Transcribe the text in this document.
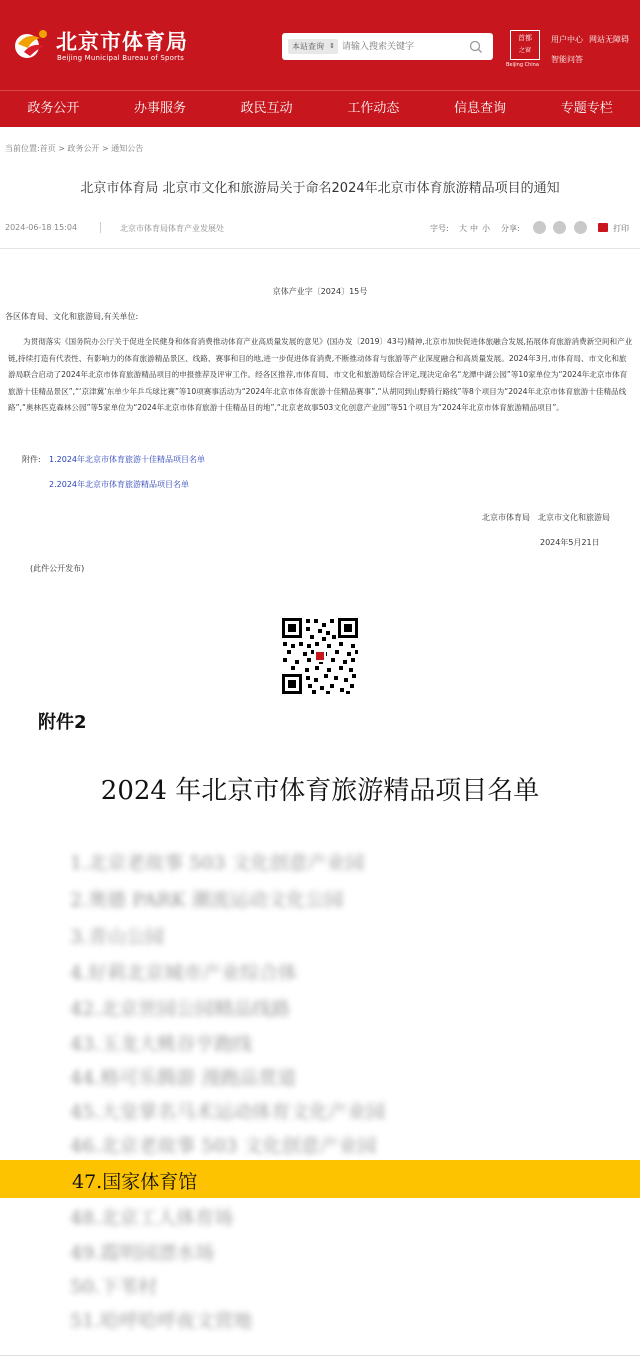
北京市体育局
Beijing Municipal Bureau of Sports
本站查询 ⇕
请输入搜索关键字
首都
之窗
Beijing China
用户中心 网站无障碍
智能问答
政务公开	办事服务	政民互动	工作动态	信息查询	专题专栏
当前位置:首页 > 政务公开 > 通知公告
北京市体育局 北京市文化和旅游局关于命名2024年北京市体育旅游精品项目的通知
2024-06-18 15:04	北京市体育局体育产业发展处	字号: 大 中 小 分享:	打印
京体产业字〔2024〕15号
各区体育局、文化和旅游局,有关单位:
为贯彻落实《国务院办公厅关于促进全民健身和体育消费推动体育产业高质量发展的意见》(国办发〔2019〕43号)精神,北京市加快促进体旅融合发展,拓展体育旅游消费新空间和产业链,持续打造有代表性、有影响力的体育旅游精品景区、线路、赛事和目的地,进一步促进体育消费,不断推动体育与旅游等产业深度融合和高质量发展。2024年3月,市体育局、市文化和旅游局联合启动了2024年北京市体育旅游精品项目的申报推荐及评审工作。经各区推荐,市体育局、市文化和旅游局综合评定,现决定命名“龙潭中湖公园”等10家单位为“2024年北京市体育旅游十佳精品景区”,“‘京津冀’东单少年乒乓球比赛”等10项赛事活动为“2024年北京市体育旅游十佳精品赛事”,“从胡同到山野骑行路线”等8个项目为“2024年北京市体育旅游十佳精品线路”,“奥林匹克森林公园”等5家单位为“2024年北京市体育旅游十佳精品目的地”,“北京老故事503文化创意产业园”等51个项目为“2024年北京市体育旅游精品项目”。
附件: 1.2024年北京市体育旅游十佳精品项目名单
2.2024年北京市体育旅游精品项目名单
北京市体育局　北京市文化和旅游局
2024年5月21日
(此件公开发布)
附件2
2024 年北京市体育旅游精品项目名单
1.北京老故事 503 文化创意产业园
2.奥德 PARK 潮流运动文化公园
3.青山公园
4.好莉北京城市产业综合体
42.北京世园公园精品线路
43.玉龙大桃谷亨跑线
44.格可乐腾游 漫跑品赏道
45.大皇掌名马术运动体育文化产业园
46.北京老故事 503 文化创意产业园
47.国家体育馆
48.北京工人体育场
49.霞明园漂水场
50.下苇村
51.哈呼哈呼夜文营地
